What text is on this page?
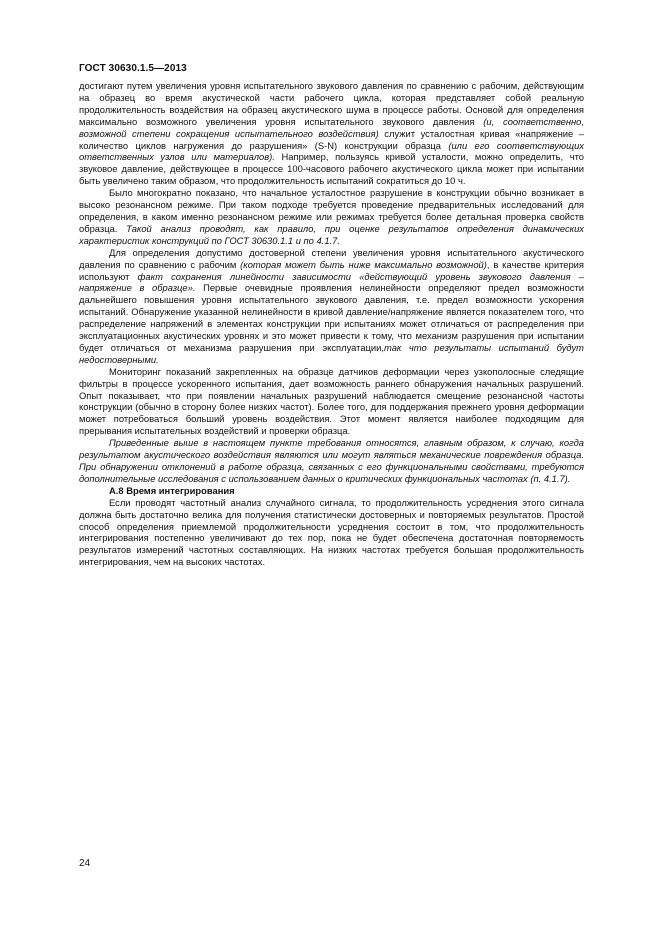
ГОСТ 30630.1.5—2013

достигают путем увеличения уровня испытательного звукового давления по сравнению с рабочим, действующим на образец во время акустической части рабочего цикла, которая представляет собой реальную продолжительность воздействия на образец акустического шума в процессе работы. Основой для определения максимально возможного увеличения уровня испытательного звукового давления (и, соответственно, возможной степени сокращения испытательного воздействия) служит усталостная кривая «напряжение – количество циклов нагружения до разрушения» (S-N) конструкции образца (или его соответствующих ответственных узлов или материалов). Например, пользуясь кривой усталости, можно определить, что звуковое давление, действующее в процессе 100-часового рабочего акустического цикла может при испытании быть увеличено таким образом, что продолжительность испытаний сократиться до 10 ч.

Было многократно показано, что начальное усталостное разрушение в конструкции обычно возникает в высоко резонансном режиме. При таком подходе требуется проведение предварительных исследований для определения, в каком именно резонансном режиме или режимах требуется более детальная проверка свойств образца. Такой анализ проводят, как правило, при оценке результатов определения динамических характеристик конструкций по ГОСТ 30630.1.1 и по 4.1.7.

Для определения допустимо достоверной степени увеличения уровня испытательного акустического давления по сравнению с рабочим (которая может быть ниже максимально возможной), в качестве критерия используют факт сохранения линейности зависимости «действующий уровень звукового давления – напряжение в образце». Первые очевидные проявления нелинейности определяют предел возможности дальнейшего повышения уровня испытательного звукового давления, т.е. предел возможности ускорения испытаний. Обнаружение указанной нелинейности в кривой давление/напряжение является показателем того, что распределение напряжений в элементах конструкции при испытаниях может отличаться от распределения при эксплуатационных акустических уровнях и это может привести к тому, что механизм разрушения при испытании будет отличаться от механизма разрушения при эксплуатации,так что результаты испытаний будут недостоверными.

Мониторинг показаний закрепленных на образце датчиков деформации через узкополосные следящие фильтры в процессе ускоренного испытания, дает возможность раннего обнаружения начальных разрушений. Опыт показывает, что при появлении начальных разрушений наблюдается смещение резонансной частоты конструкции (обычно в сторону более низких частот). Более того, для поддержания прежнего уровня деформации может потребоваться больший уровень воздействия. Этот момент является наиболее подходящим для прерывания испытательных воздействий и проверки образца.

Приведенные выше в настоящем пункте требования относятся, главным образом, к случаю, когда результатом акустического воздействия являются или могут являться механические повреждения образца. При обнаружении отклонений в работе образца, связанных с его функциональными свойствами, требуются дополнительные исследования с использованием данных о критических функциональных частотах (п. 4.1.7).

А.8 Время интегрирования

Если проводят частотный анализ случайного сигнала, то продолжительность усреднения этого сигнала должна быть достаточно велика для получения статистически достоверных и повторяемых результатов. Простой способ определения приемлемой продолжительности усреднения состоит в том, что продолжительность интегрирования постепенно увеличивают до тех пор, пока не будет обеспечена достаточная повторяемость результатов измерений частотных составляющих. На низких частотах требуется большая продолжительность интегрирования, чем на высоких частотах.

24
